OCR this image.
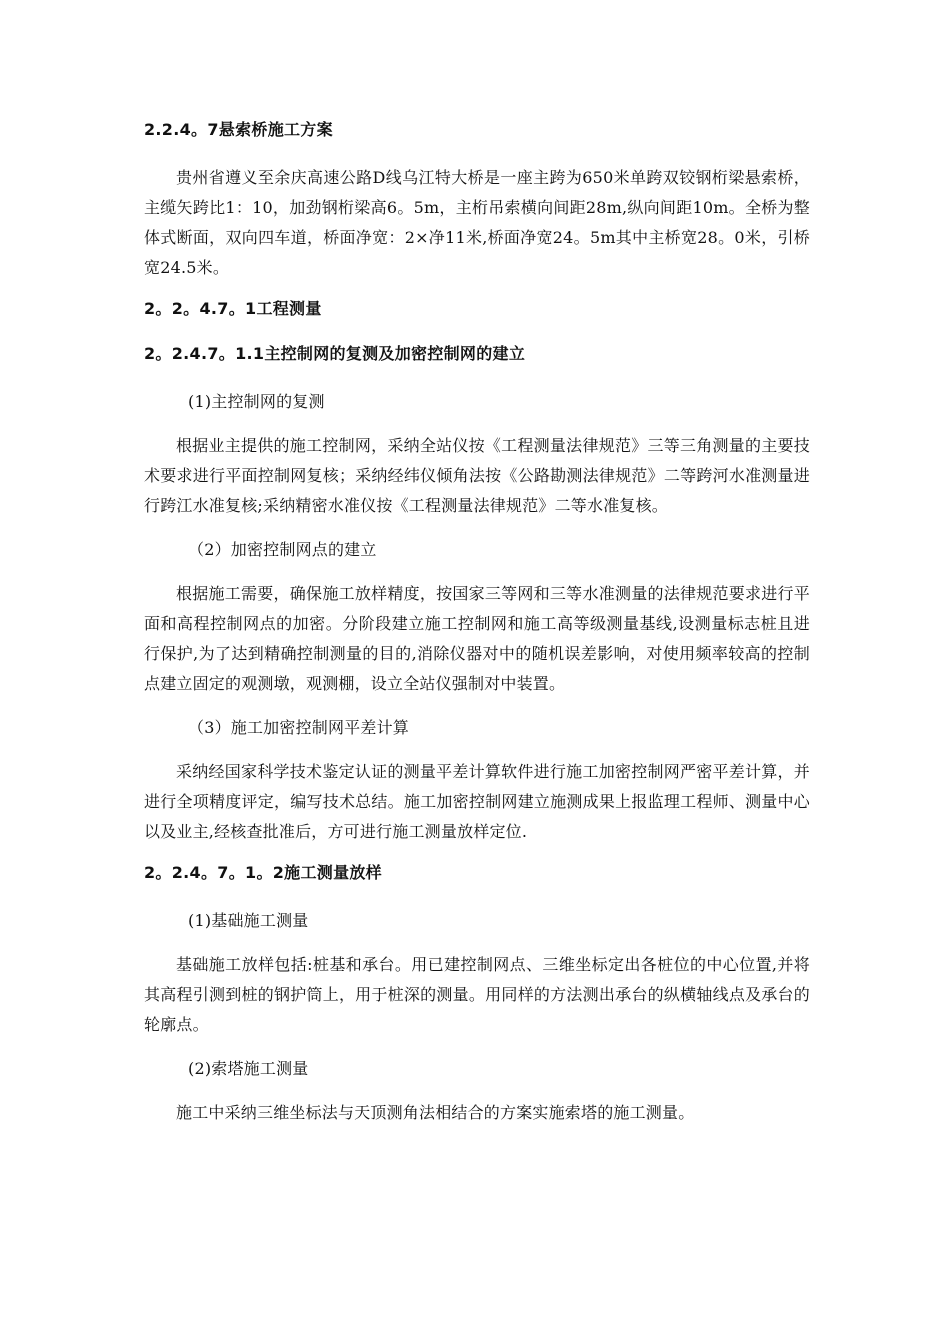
2.2.4。7悬索桥施工方案
贵州省遵义至余庆高速公路D线乌江特大桥是一座主跨为650米单跨双铰钢桁梁悬索桥，主缆矢跨比1：10，加劲钢桁梁高6。5m，主桁吊索横向间距28m,纵向间距10m。全桥为整体式断面，双向四车道，桥面净宽：2×净11米,桥面净宽24。5m其中主桥宽28。0米，引桥宽24.5米。
2。2。4.7。1工程测量
2。2.4.7。1.1主控制网的复测及加密控制网的建立
(1)主控制网的复测
根据业主提供的施工控制网，采纳全站仪按《工程测量法律规范》三等三角测量的主要技术要求进行平面控制网复核；采纳经纬仪倾角法按《公路勘测法律规范》二等跨河水准测量进行跨江水准复核;采纳精密水准仪按《工程测量法律规范》二等水准复核。
（2）加密控制网点的建立
根据施工需要，确保施工放样精度，按国家三等网和三等水准测量的法律规范要求进行平面和高程控制网点的加密。分阶段建立施工控制网和施工高等级测量基线,设测量标志桩且进行保护,为了达到精确控制测量的目的,消除仪器对中的随机误差影响，对使用频率较高的控制点建立固定的观测墩，观测棚，设立全站仪强制对中装置。
（3）施工加密控制网平差计算
采纳经国家科学技术鉴定认证的测量平差计算软件进行施工加密控制网严密平差计算，并进行全项精度评定，编写技术总结。施工加密控制网建立施测成果上报监理工程师、测量中心以及业主,经核查批准后，方可进行施工测量放样定位.
2。2.4。7。1。2施工测量放样
(1)基础施工测量
基础施工放样包括:桩基和承台。用已建控制网点、三维坐标定出各桩位的中心位置,并将其高程引测到桩的钢护筒上，用于桩深的测量。用同样的方法测出承台的纵横轴线点及承台的轮廓点。
(2)索塔施工测量
施工中采纳三维坐标法与天顶测角法相结合的方案实施索塔的施工测量。
